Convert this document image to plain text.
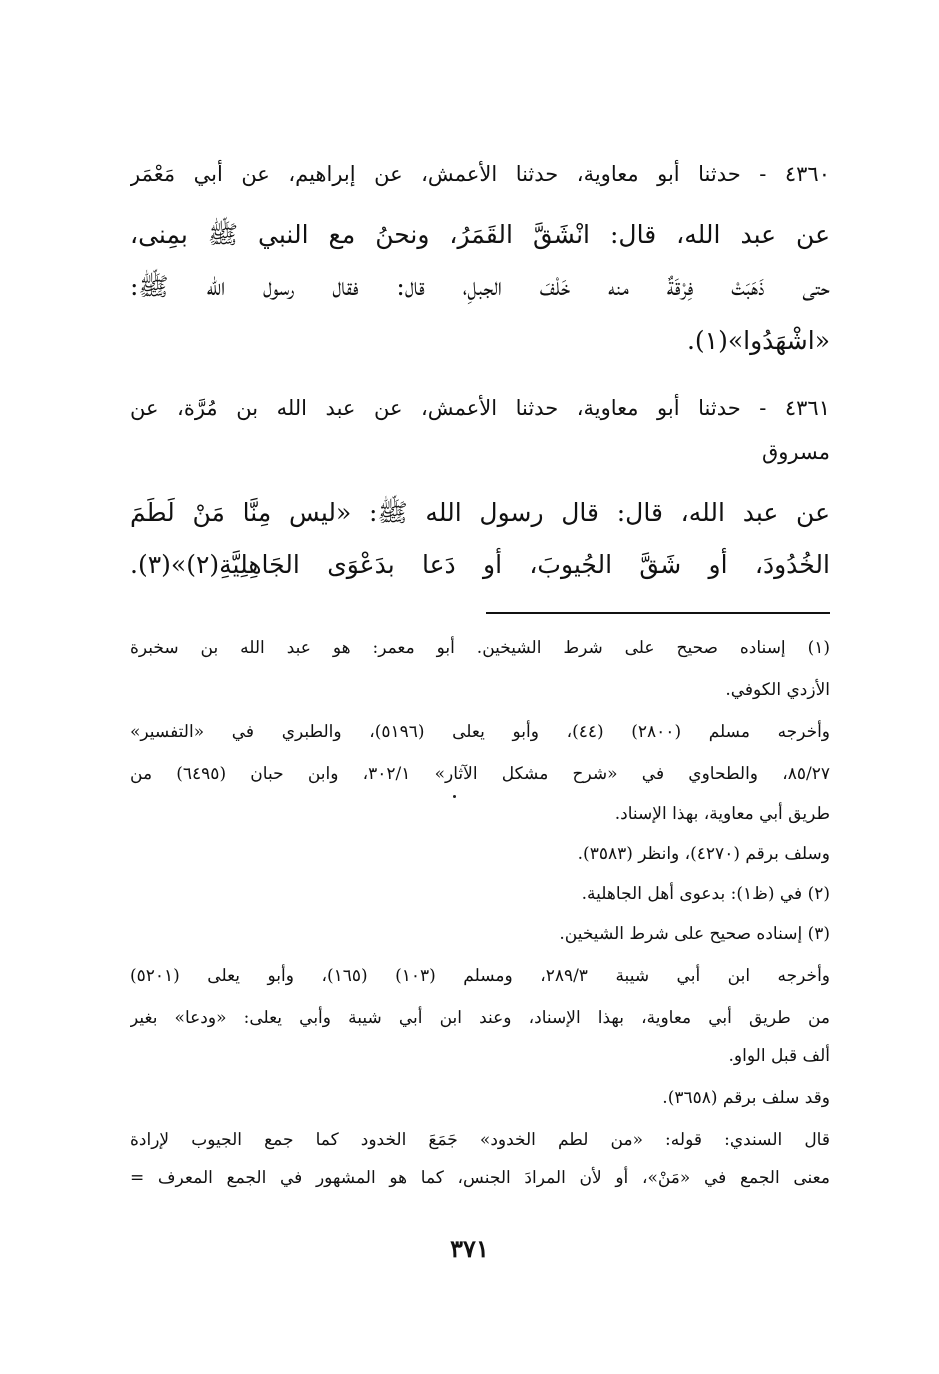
٤٣٦٠ - حدثنا أبو معاوية، حدثنا الأعمش، عن إبراهيم، عن أبي مَعْمَر
عن عبد الله، قال: انْشَقَّ القَمَرُ، ونحنُ مع النبي ﷺ بمِنى،
حتى ذَهَبَتْ فِرْقَةٌ منه خَلْفَ الجبلِ، قال: فقال رسول الله ﷺ:
«اشْهَدُوا»(١).
٤٣٦١ - حدثنا أبو معاوية، حدثنا الأعمش، عن عبد الله بن مُرَّة، عن
مسروق
عن عبد الله، قال: قال رسول الله ﷺ: «ليس مِنَّا مَنْ لَطَمَ
الخُدُودَ، أو شَقَّ الجُيوبَ، أو دَعا بدَعْوَى الجَاهِلِيَّةِ(٢)»(٣).
(١) إسناده صحيح على شرط الشيخين. أبو معمر: هو عبد الله بن سخبرة
الأزدي الكوفي.
وأخرجه مسلم (٢٨٠٠) (٤٤)، وأبو يعلى (٥١٩٦)، والطبري في «التفسير»
٨٥/٢٧، والطحاوي في «شرح مشكل الآثار» ٣٠٢/١، وابن حبان (٦٤٩٥) من
طريق أبي معاوية، بهذا الإسناد.
وسلف برقم (٤٢٧٠)، وانظر (٣٥٨٣).
(٢) في (ظ١): بدعوى أهل الجاهلية.
(٣) إسناده صحيح على شرط الشيخين.
وأخرجه ابن أبي شيبة ٢٨٩/٣، ومسلم (١٠٣) (١٦٥)، وأبو يعلى (٥٢٠١)
من طريق أبي معاوية، بهذا الإسناد، وعند ابن أبي شيبة وأبي يعلى: «ودعا» بغير
ألف قبل الواو.
وقد سلف برقم (٣٦٥٨).
قال السندي: قوله: «من لطم الخدود» جَمَعَ الخدود كما جمع الجيوب لإرادة
معنى الجمع في «مَنْ»، أو لأن المرادَ الجنس، كما هو المشهور في الجمع المعرف =
٣٧١
